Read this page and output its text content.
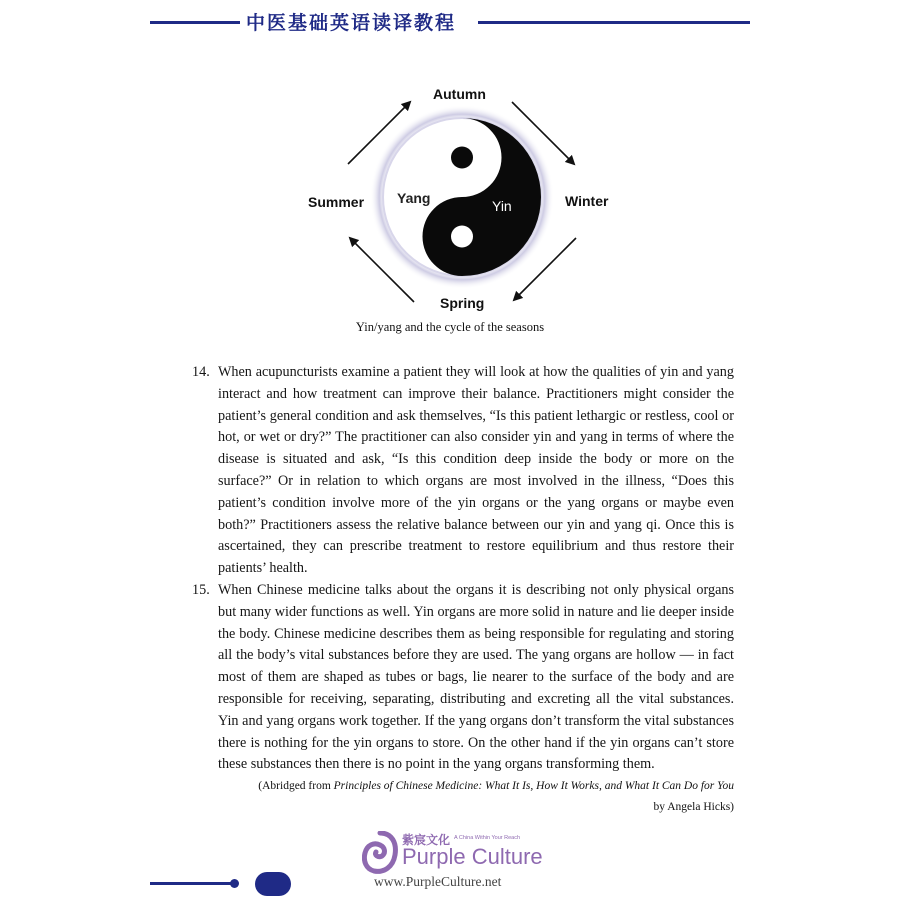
中医基础英语读译教程
Autumn
Summer	Winter
Spring
Yang	Yin
Yin/yang and the cycle of the seasons

14. When acupuncturists examine a patient they will look at how the qualities of yin and yang interact and how treatment can improve their balance. Practitioners might consider the patient’s general condition and ask themselves, “Is this patient lethargic or restless, cool or hot, or wet or dry?” The practitioner can also consider yin and yang in terms of where the disease is situated and ask, “Is this condition deep inside the body or more on the surface?” Or in relation to which organs are most involved in the illness, “Does this patient’s condition involve more of the yin organs or the yang organs or maybe even both?” Practitioners assess the relative balance between our yin and yang qi. Once this is ascertained, they can prescribe treatment to restore equilibrium and thus restore their patients’ health.

15. When Chinese medicine talks about the organs it is describing not only physical organs but many wider functions as well. Yin organs are more solid in nature and lie deeper inside the body. Chinese medicine describes them as being responsible for regulating and storing all the body’s vital substances before they are used. The yang organs are hollow — in fact most of them are shaped as tubes or bags, lie nearer to the surface of the body and are responsible for receiving, separating, distributing and excreting all the vital substances. Yin and yang organs work together. If the yang organs don’t transform the vital substances there is nothing for the yin organs to store. On the other hand if the yin organs can’t store these substances then there is no point in the yang organs transforming them.

(Abridged from Principles of Chinese Medicine: What It Is, How It Works, and What It Can Do for You
by Angela Hicks)
紫宸文化 A China Within Your Reach
Purple Culture
www.PurpleCulture.net
